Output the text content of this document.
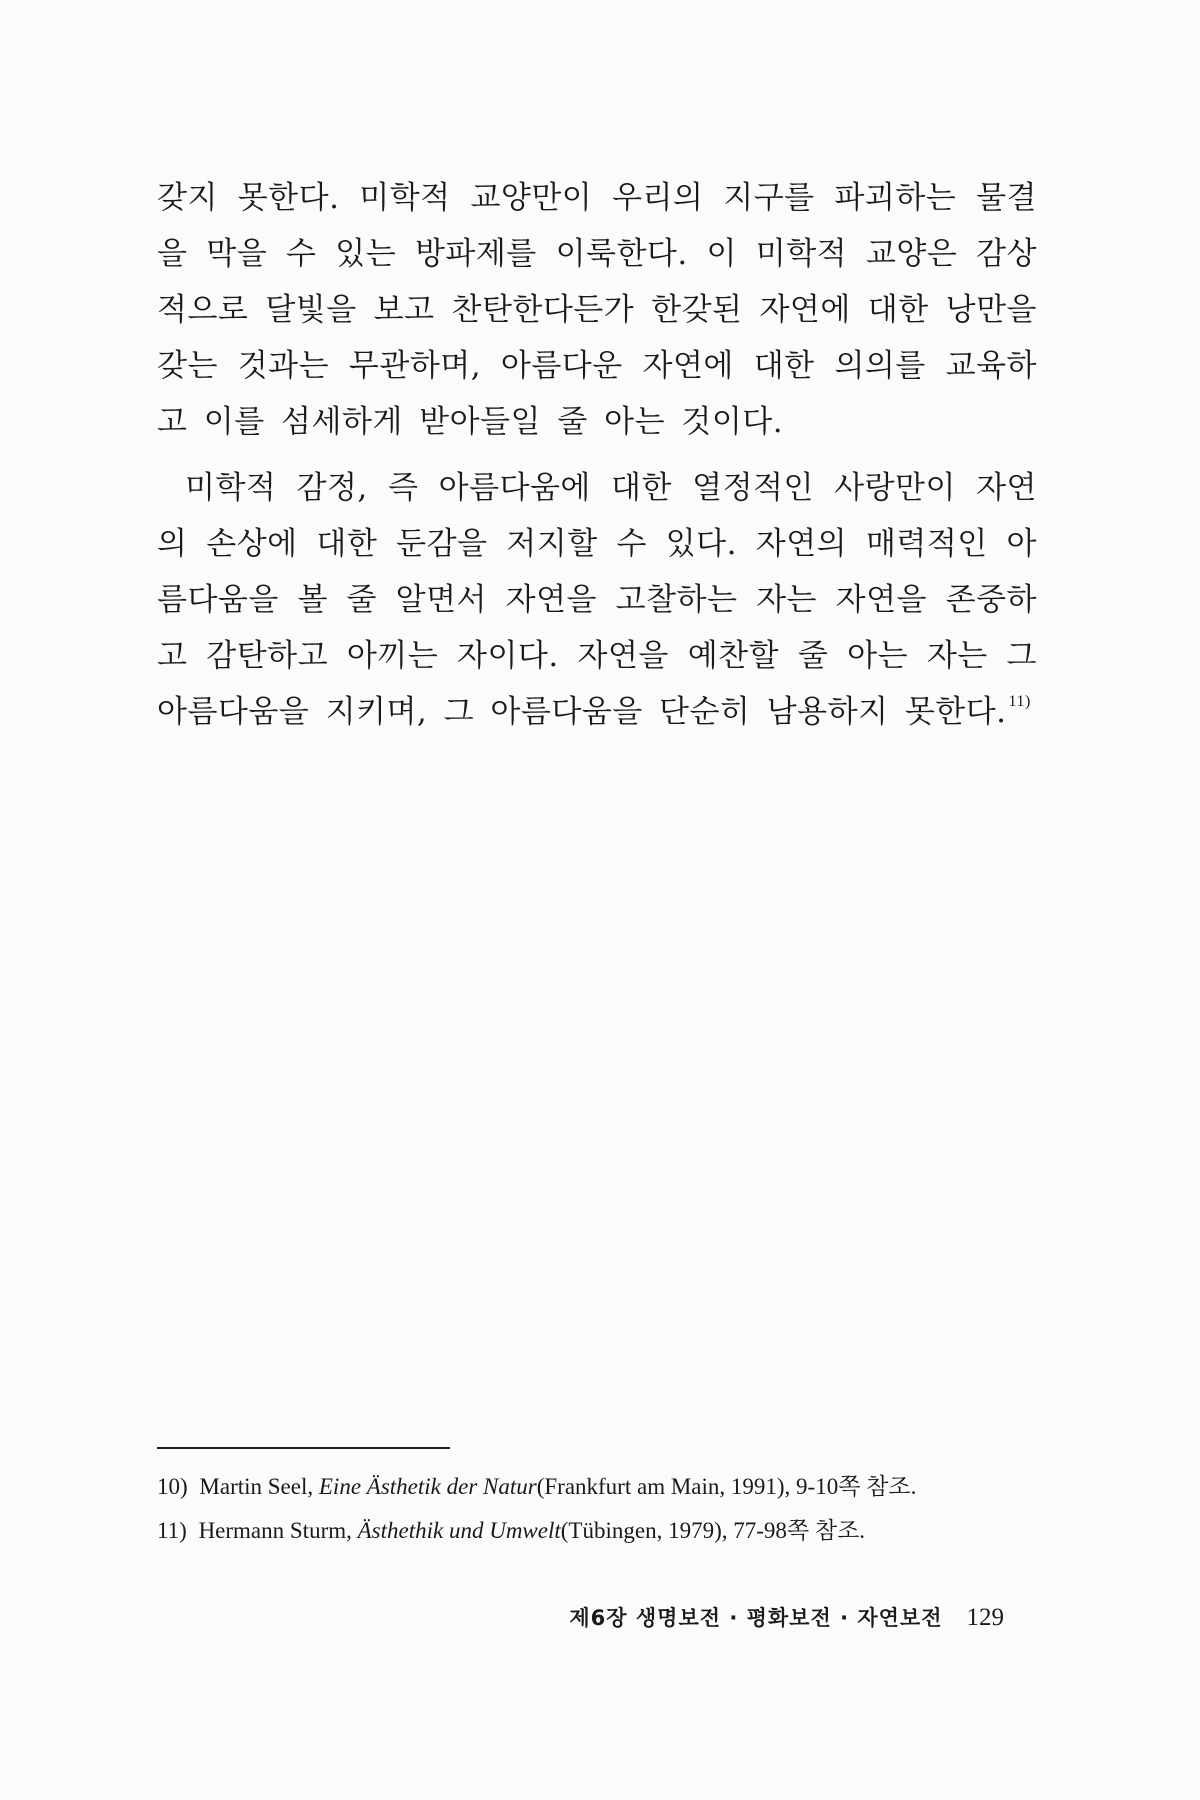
갖지 못한다. 미학적 교양만이 우리의 지구를 파괴하는 물결을 막을 수 있는 방파제를 이룩한다. 이 미학적 교양은 감상적으로 달빛을 보고 찬탄한다든가 한갖된 자연에 대한 낭만을 갖는 것과는 무관하며, 아름다운 자연에 대한 의의를 교육하고 이를 섬세하게 받아들일 줄 아는 것이다.

미학적 감정, 즉 아름다움에 대한 열정적인 사랑만이 자연의 손상에 대한 둔감을 저지할 수 있다. 자연의 매력적인 아름다움을 볼 줄 알면서 자연을 고찰하는 자는 자연을 존중하고 감탄하고 아끼는 자이다. 자연을 예찬할 줄 아는 자는 그 아름다움을 지키며, 그 아름다움을 단순히 남용하지 못한다. $^{11)}$

10) Martin Seel, Eine Ästhetik der Natur(Frankfurt am Main, 1991), 9-10쪽 참조.
11) Hermann Sturm, Ästhethik und Umwelt(Tübingen, 1979), 77-98쪽 참조.
제6장 생명보전 · 평화보전 · 자연보전 129
